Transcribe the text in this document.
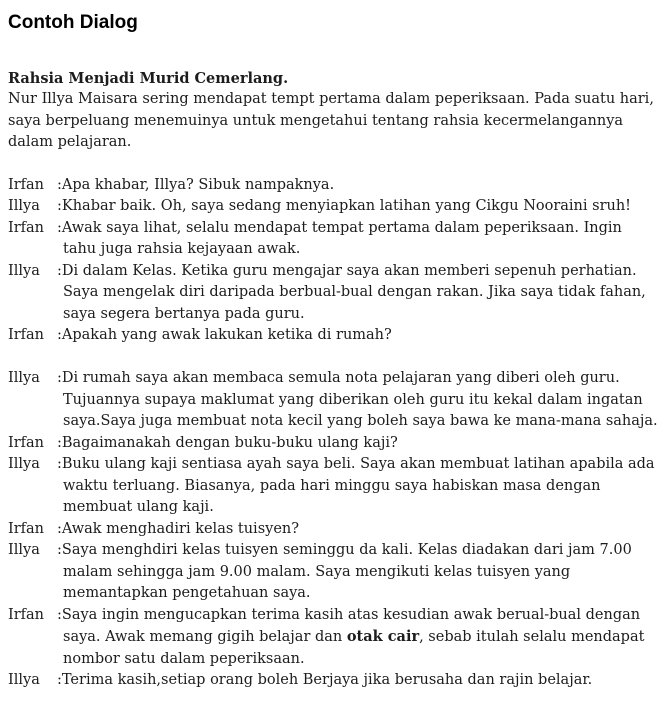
Contoh Dialog

Rahsia Menjadi Murid Cemerlang.

Nur Illya Maisara sering mendapat tempt pertama dalam peperiksaan. Pada suatu hari, saya berpeluang menemuinya untuk mengetahui tentang rahsia kecermelangannya dalam pelajaran.

Irfan :Apa khabar, Illya? Sibuk nampaknya.
Illya	:Khabar baik. Oh, saya sedang menyiapkan latihan yang Cikgu Nooraini sruh!
Irfan :Awak saya lihat, selalu mendapat tempat pertama dalam peperiksaan. Ingin tahu juga rahsia kejayaan awak.
Illya	:Di dalam Kelas. Ketika guru mengajar saya akan memberi sepenuh perhatian. Saya mengelak diri daripada berbual-bual dengan rakan. Jika saya tidak fahan, saya segera bertanya pada guru.
Irfan :Apakah yang awak lakukan ketika di rumah?
Illya	:Di rumah saya akan membaca semula nota pelajaran yang diberi oleh guru. Tujuannya supaya maklumat yang diberikan oleh guru itu kekal dalam ingatan saya.Saya juga membuat nota kecil yang boleh saya bawa ke mana-mana sahaja.
Irfan :Bagaimanakah dengan buku-buku ulang kaji?
Illya	:Buku ulang kaji sentiasa ayah saya beli. Saya akan membuat latihan apabila ada waktu terluang. Biasanya, pada hari minggu saya habiskan masa dengan membuat ulang kaji.
Irfan :Awak menghadiri kelas tuisyen?
Illya	:Saya menghdiri kelas tuisyen seminggu da kali. Kelas diadakan dari jam 7.00 malam sehingga jam 9.00 malam. Saya mengikuti kelas tuisyen yang memantapkan pengetahuan saya.
Irfan :Saya ingin mengucapkan terima kasih atas kesudian awak berual-bual dengan saya. Awak memang gigih belajar dan otak cair, sebab itulah selalu mendapat nombor satu dalam peperiksaan.
Illya	:Terima kasih,setiap orang boleh Berjaya jika berusaha dan rajin belajar.
